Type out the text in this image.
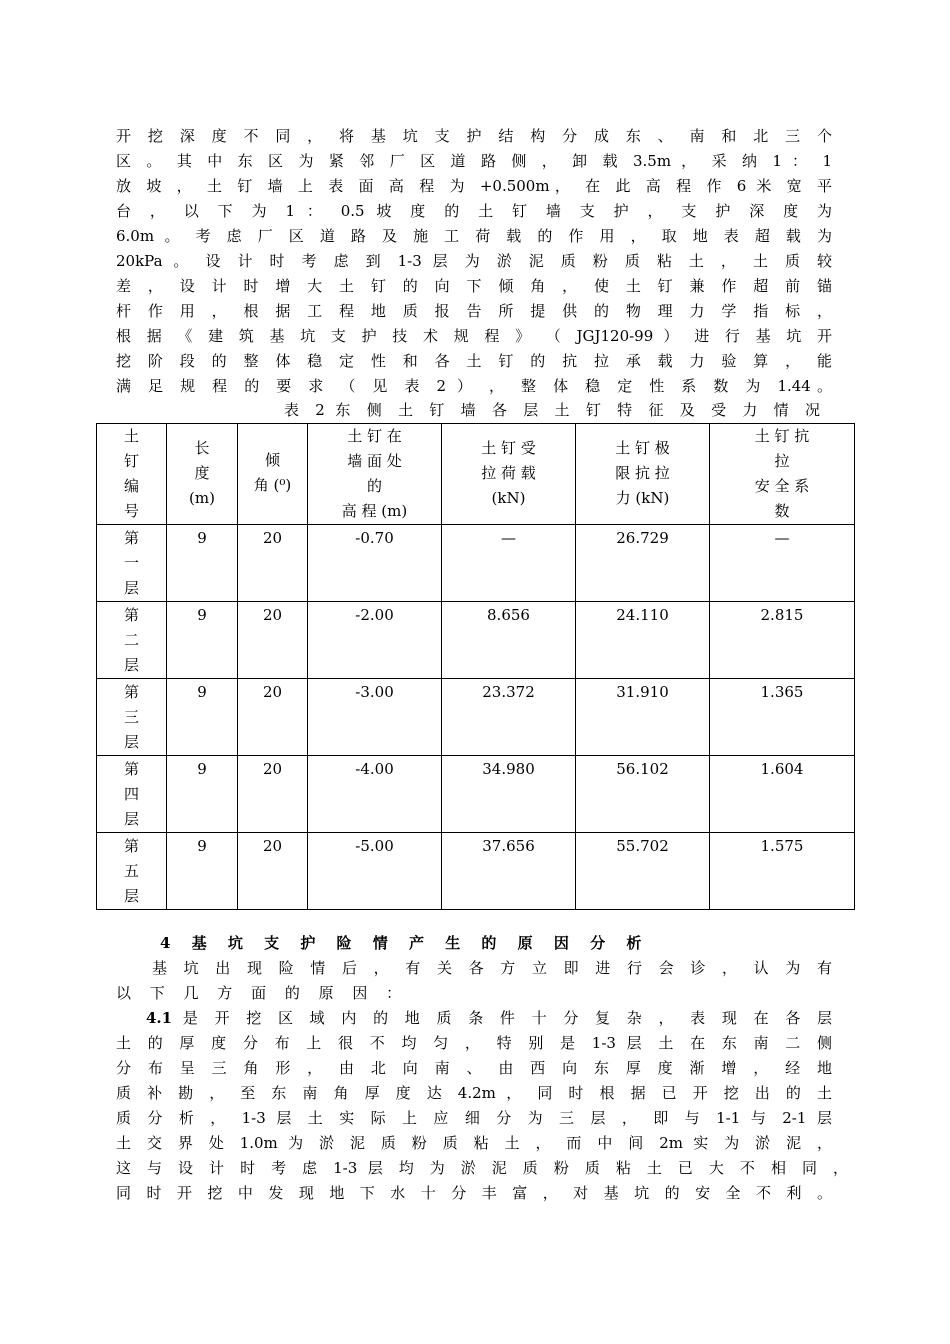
开 挖 深 度 不 同 ， 将 基 坑 支 护 结 构 分 成 东 、 南 和 北 三 个
区 。 其 中 东 区 为 紧 邻 厂 区 道 路 侧 ， 卸 载 3.5m ， 采 纳 1 ： 1
放 坡 ， 土 钉 墙 上 表 面 高 程 为 +0.500m， 在 此 高 程 作 6 米 宽 平
台 ， 以 下 为 1 ： 0.5 坡 度 的 土 钉 墙 支 护 ， 支 护 深 度 为
6.0m 。 考 虑 厂 区 道 路 及 施 工 荷 载 的 作 用 ， 取 地 表 超 载 为
20kPa 。 设 计 时 考 虑 到 1-3 层 为 淤 泥 质 粉 质 粘 土 ， 土 质 较
差 ， 设 计 时 增 大 土 钉 的 向 下 倾 角 ， 使 土 钉 兼 作 超 前 锚
杆 作 用 ， 根 据 工 程 地 质 报 告 所 提 供 的 物 理 力 学 指 标 ，
根 据 《 建 筑 基 坑 支 护 技 术 规 程 》 （ JGJ120-99 ） 进 行 基 坑 开
挖 阶 段 的 整 体 稳 定 性 和 各 土 钉 的 抗 拉 承 载 力 验 算 ， 能
满 足 规 程 的 要 求 （ 见 表 2 ） ， 整 体 稳 定 性 系 数 为 1.44。
表 2 东 侧 土 钉 墙 各 层 土 钉 特 征 及 受 力 情 况
土钉编号	长
度
(m)	倾
角 (⁰)	土 钉 在
墙 面 处
的
高 程 (m)	土 钉 受
拉 荷 载
(kN)	土 钉 极
限 抗 拉
力 (kN)	土 钉 抗
拉
安 全 系
数

第一层	9	20	-0.70	—	26.729	—

第二层	9	20	-2.00	8.656	24.110	2.815

第三层	9	20	-3.00	23.372	31.910	1.365

第四层	9	20	-4.00	34.980	56.102	1.604

第五层	9	20	-5.00	37.656	55.702	1.575
4 基 坑 支 护 险 情 产 生 的 原 因 分 析
基 坑 出 现 险 情 后 ， 有 关 各 方 立 即 进 行 会 诊 ， 认 为 有
以 下 几 方 面 的 原 因 ：
4.1 是 开 挖 区 域 内 的 地 质 条 件 十 分 复 杂 ， 表 现 在 各 层
土 的 厚 度 分 布 上 很 不 均 匀 ， 特 别 是 1-3 层 土 在 东 南 二 侧
分 布 呈 三 角 形 ， 由 北 向 南 、 由 西 向 东 厚 度 渐 增 ， 经 地
质 补 勘 ， 至 东 南 角 厚 度 达 4.2m ， 同 时 根 据 已 开 挖 出 的 土
质 分 析 ， 1-3 层 土 实 际 上 应 细 分 为 三 层 ， 即 与 1-1 与 2-1 层
土 交 界 处 1.0m 为 淤 泥 质 粉 质 粘 土 ， 而 中 间 2m 实 为 淤 泥 ，
这 与 设 计 时 考 虑 1-3 层 均 为 淤 泥 质 粉 质 粘 土 已 大 不 相 同 ，
同 时 开 挖 中 发 现 地 下 水 十 分 丰 富 ， 对 基 坑 的 安 全 不 利 。
